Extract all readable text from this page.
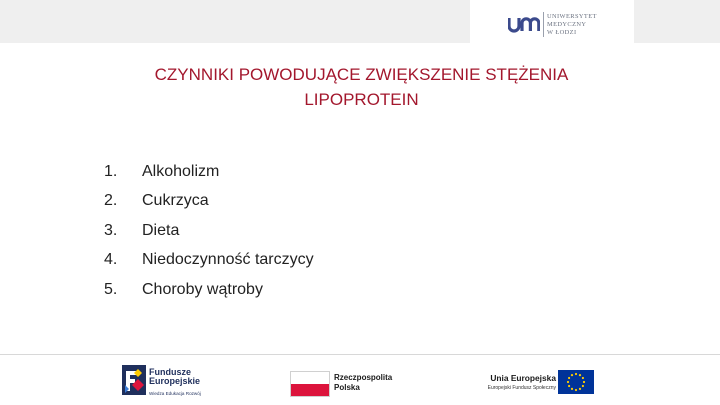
UNIWERSYTET
MEDYCZNY
W ŁODZI
CZYNNIKI POWODUJĄCE ZWIĘKSZENIE STĘŻENIA
LIPOPROTEIN
1.	Alkoholizm
2.	Cukrzyca
3.	Dieta
4.	Niedoczynność tarczycy
5.	Choroby wątroby
Fundusze
Europejskie
Wiedza Edukacja Rozwój
Rzeczpospolita
Polska
Unia Europejska
Europejski Fundusz Społeczny
